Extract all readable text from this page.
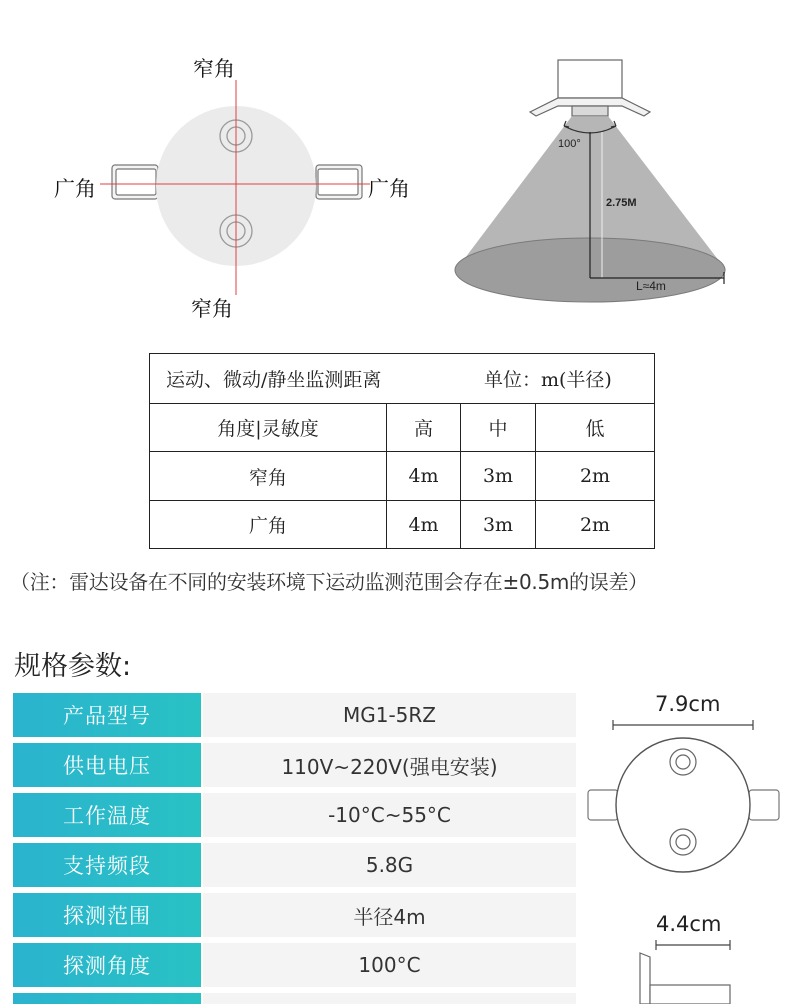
窄角
窄角
广角	广角
100°
2.75M
L≈4m
运动、微动/静坐监测距离	单位：m(半径)
角度|灵敏度	高	中	低
窄角	4m	3m	2m
广角	4m	3m	2m
（注：雷达设备在不同的安装环境下运动监测范围会存在±0.5m的误差）
规格参数:
产品型号	MG1-5RZ
供电电压	110V~220V(强电安装)
工作温度	-10°C~55°C
支持频段	5.8G
探测范围	半径4m
探测角度	100°C
7.9cm
4.4cm
